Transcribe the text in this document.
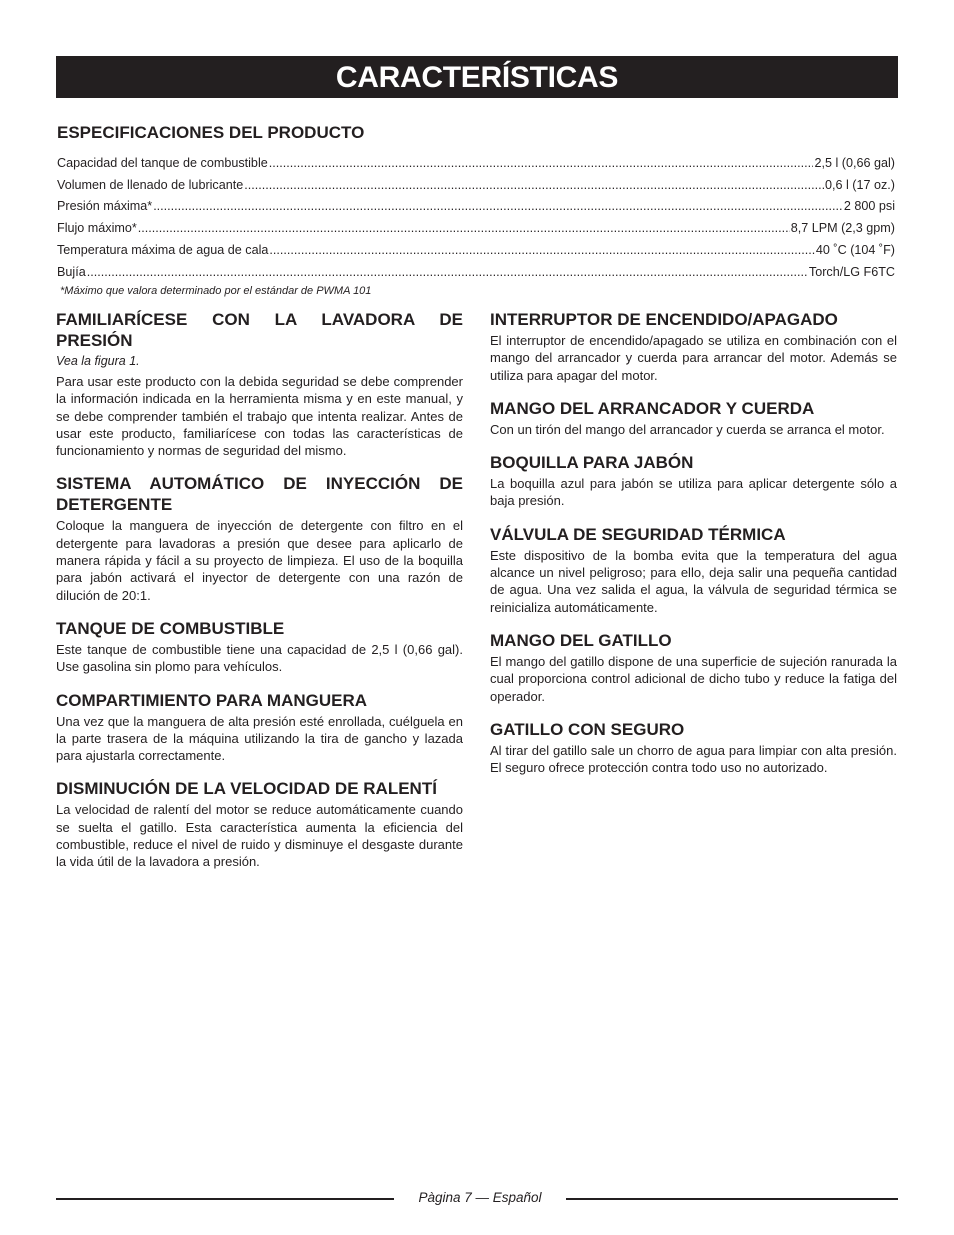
CARACTERÍSTICAS
ESPECIFICACIONES DEL PRODUCTO
Capacidad del tanque de combustible .....	2,5 l (0,66 gal)
Volumen de llenado de lubricante .....	0,6 l (17 oz.)
Presión máxima* .....	2 800 psi
Flujo máximo* .....	8,7 LPM (2,3 gpm)
Temperatura máxima de agua de cala .....	40 ˚C (104 ˚F)
Bujía .....	Torch/LG F6TC
*Máximo que valora determinado por el estándar de PWMA 101
FAMILIARÍCESE CON LA LAVADORA DE PRESIÓN
Vea la figura 1.

Para usar este producto con la debida seguridad se debe comprender la información indicada en la herramienta misma y en este manual, y se debe comprender también el trabajo que intenta realizar. Antes de usar este producto, familiarícese con todas las características de funcionamiento y normas de seguridad del mismo.

SISTEMA AUTOMÁTICO DE INYECCIÓN DE DETERGENTE

Coloque la manguera de inyección de detergente con filtro en el detergente para lavadoras a presión que desee para aplicarlo de manera rápida y fácil a su proyecto de limpieza. El uso de la boquilla para jabón activará el inyector de detergente con una razón de dilución de 20:1.

TANQUE DE COMBUSTIBLE

Este tanque de combustible tiene una capacidad de 2,5 l (0,66 gal). Use gasolina sin plomo para vehículos.

COMPARTIMIENTO PARA MANGUERA

Una vez que la manguera de alta presión esté enrollada, cuélguela en la parte trasera de la máquina utilizando la tira de gancho y lazada para ajustarla correctamente.

DISMINUCIÓN DE LA VELOCIDAD DE RALENTÍ

La velocidad de ralentí del motor se reduce automáticamente cuando se suelta el gatillo. Esta característica aumenta la eficiencia del combustible, reduce el nivel de ruido y disminuye el desgaste durante la vida útil de la lavadora a presión.

INTERRUPTOR DE ENCENDIDO/APAGADO

El interruptor de encendido/apagado se utiliza en combinación con el mango del arrancador y cuerda para arrancar del motor. Además se utiliza para apagar del motor.

MANGO DEL ARRANCADOR Y CUERDA

Con un tirón del mango del arrancador y cuerda se arranca el motor.

BOQUILLA PARA JABÓN

La boquilla azul para jabón se utiliza para aplicar detergente sólo a baja presión.

VÁLVULA DE SEGURIDAD TÉRMICA

Este dispositivo de la bomba evita que la temperatura del agua alcance un nivel peligroso; para ello, deja salir una pequeña cantidad de agua. Una vez salida el agua, la válvula de seguridad térmica se reinicializa automáticamente.

MANGO DEL GATILLO

El mango del gatillo dispone de una superficie de sujeción ranurada la cual proporciona control adicional de dicho tubo y reduce la fatiga del operador.

GATILLO CON SEGURO

Al tirar del gatillo sale un chorro de agua para limpiar con alta presión. El seguro ofrece protección contra todo uso no autorizado.

Pàgina 7 — Español
